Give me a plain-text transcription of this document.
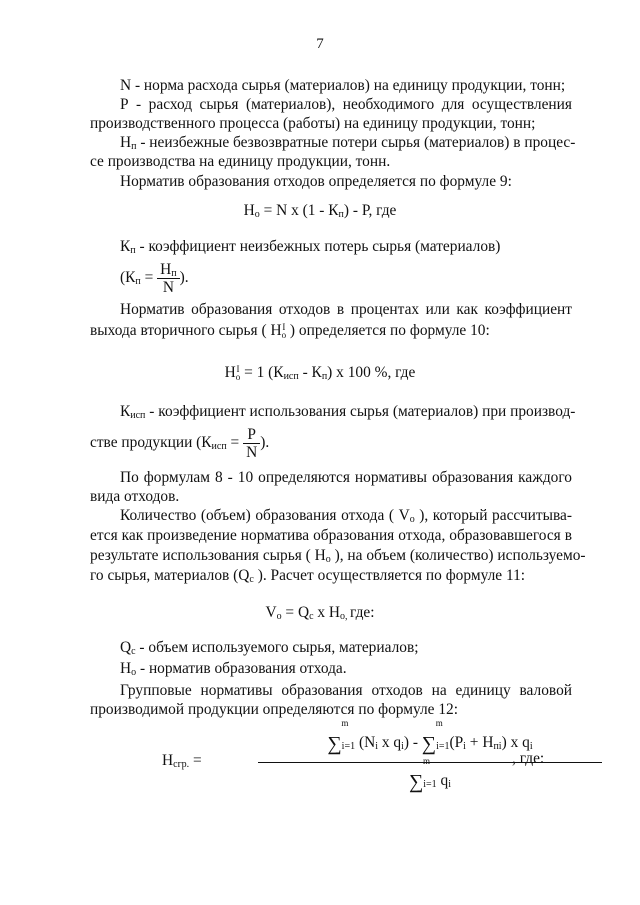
7
N - норма расхода сырья (материалов) на единицу продукции, тонн;
Р - расход сырья (материалов), необходимого для осуществления
производственного процесса (работы) на единицу продукции, тонн;
$Н_п$ - неизбежные безвозвратные потери сырья (материалов) в процес-
се производства на единицу продукции, тонн.
Норматив образования отходов определяется по формуле 9:
$Н_о = N$ х $(1 - К_п)$ - Р, где
$К_п$ - коэффициент неизбежных потерь сырья (материалов)
($К_п = \frac{Н_п}{N}$ ).
Норматив образования отходов в процентах или как коэффициент
выхода вторичного сырья ( Н I
о ) определяется по формуле 10:
Н I
о = 1 $(К_{исп} - К_п)$ х 100 %, где
$К_{исп}$ - коэффициент использования сырья (материалов) при производ-
стве продукции ($К_{исп} = \frac{Р}{N}$ ).
По формулам 8 - 10 определяются нормативы образования каждого
вида отходов.
Количество (объем) образования отхода ( $V_о$ ), который рассчитыва-
ется как произведение норматива образования отхода, образовавшегося в
результате использования сырья ( $Н_о$ ), на объем (количество) используемо-
го сырья, материалов ($Q_с$ ). Расчет осуществляется по формуле 11:
$V_о = Q_с$ х $Н_{о,}$ где:
$Q_с$ - объем используемого сырья, материалов;
$Н_о$ - норматив образования отхода.
Групповые нормативы образования отходов на единицу валовой
производимой продукции определяются по формуле 12:
$Н_{сгр.}$ =
m
$\sum_{i=1}$ ($N_i$ х $q_i$) -
m
$\sum_{i=1}(P_i + H_{пi})$ х $q_i$
m
$\sum_{i=1}$ $q_i$
, где:
